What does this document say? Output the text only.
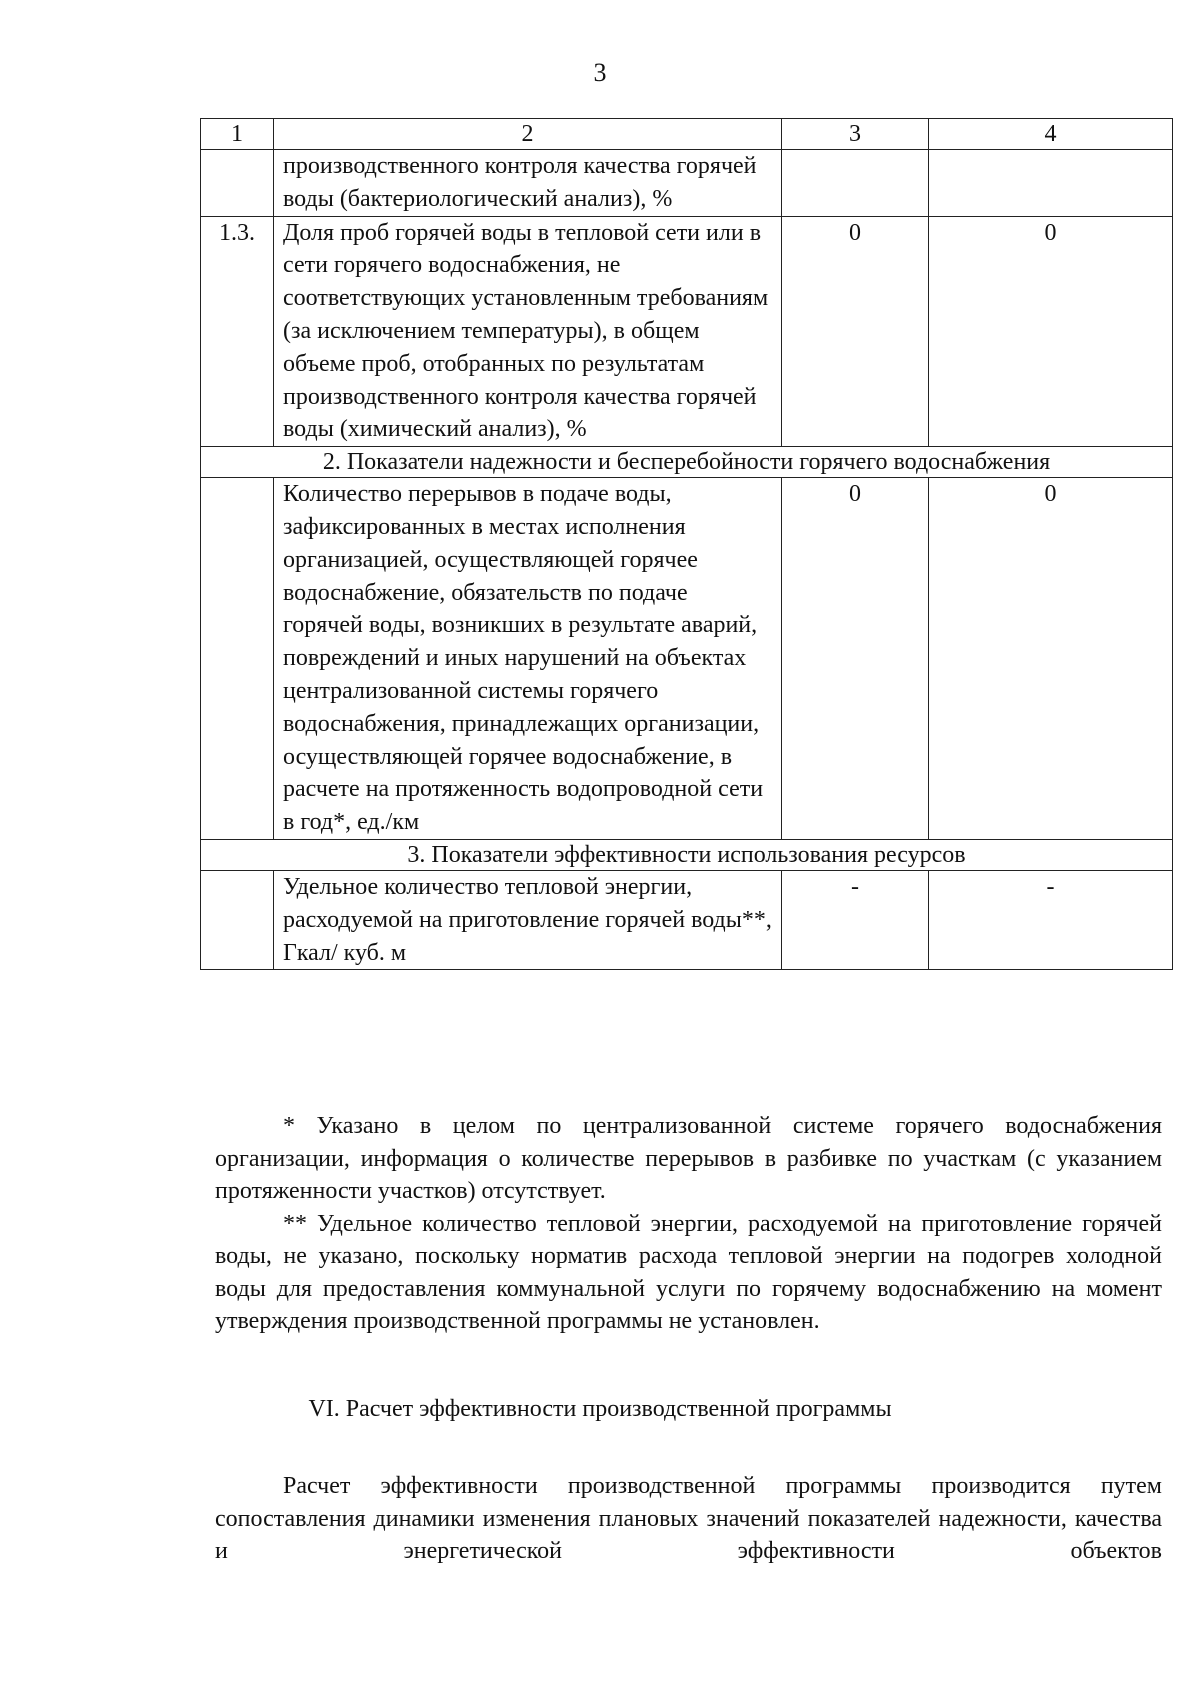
3
1	2	3	4
	производственного контроля качества горячей воды (бактериологический анализ), %		
1.3.	Доля проб горячей воды в тепловой сети или в сети горячего водоснабжения, не соответствующих установленным требованиям (за исключением температуры), в общем объеме проб, отобранных по результатам производственного контроля качества горячей воды (химический анализ), %	0	0
2. Показатели надежности и бесперебойности горячего водоснабжения			
	Количество перерывов в подаче воды, зафиксированных в местах исполнения организацией, осуществляющей горячее водоснабжение, обязательств по подаче горячей воды, возникших в результате аварий, повреждений и иных нарушений на объектах централизованной системы горячего водоснабжения, принадлежащих организации, осуществляющей горячее водоснабжение, в расчете на протяженность водопроводной сети в год*, ед./км	0	0
3. Показатели эффективности использования ресурсов			
	Удельное количество тепловой энергии, расходуемой на приготовление горячей воды**, Гкал/ куб. м	-	-

* Указано в целом по централизованной системе горячего водоснабжения организации, информация о количестве перерывов в разбивке по участкам (с указанием протяженности участков) отсутствует.

** Удельное количество тепловой энергии, расходуемой на приготовление горячей воды, не указано, поскольку норматив расхода тепловой энергии на подогрев холодной воды для предоставления коммунальной услуги по горячему водоснабжению на момент утверждения производственной программы не установлен.

VI. Расчет эффективности производственной программы

Расчет эффективности производственной программы производится путем сопоставления динамики изменения плановых значений показателей надежности, качества и энергетической эффективности объектов
